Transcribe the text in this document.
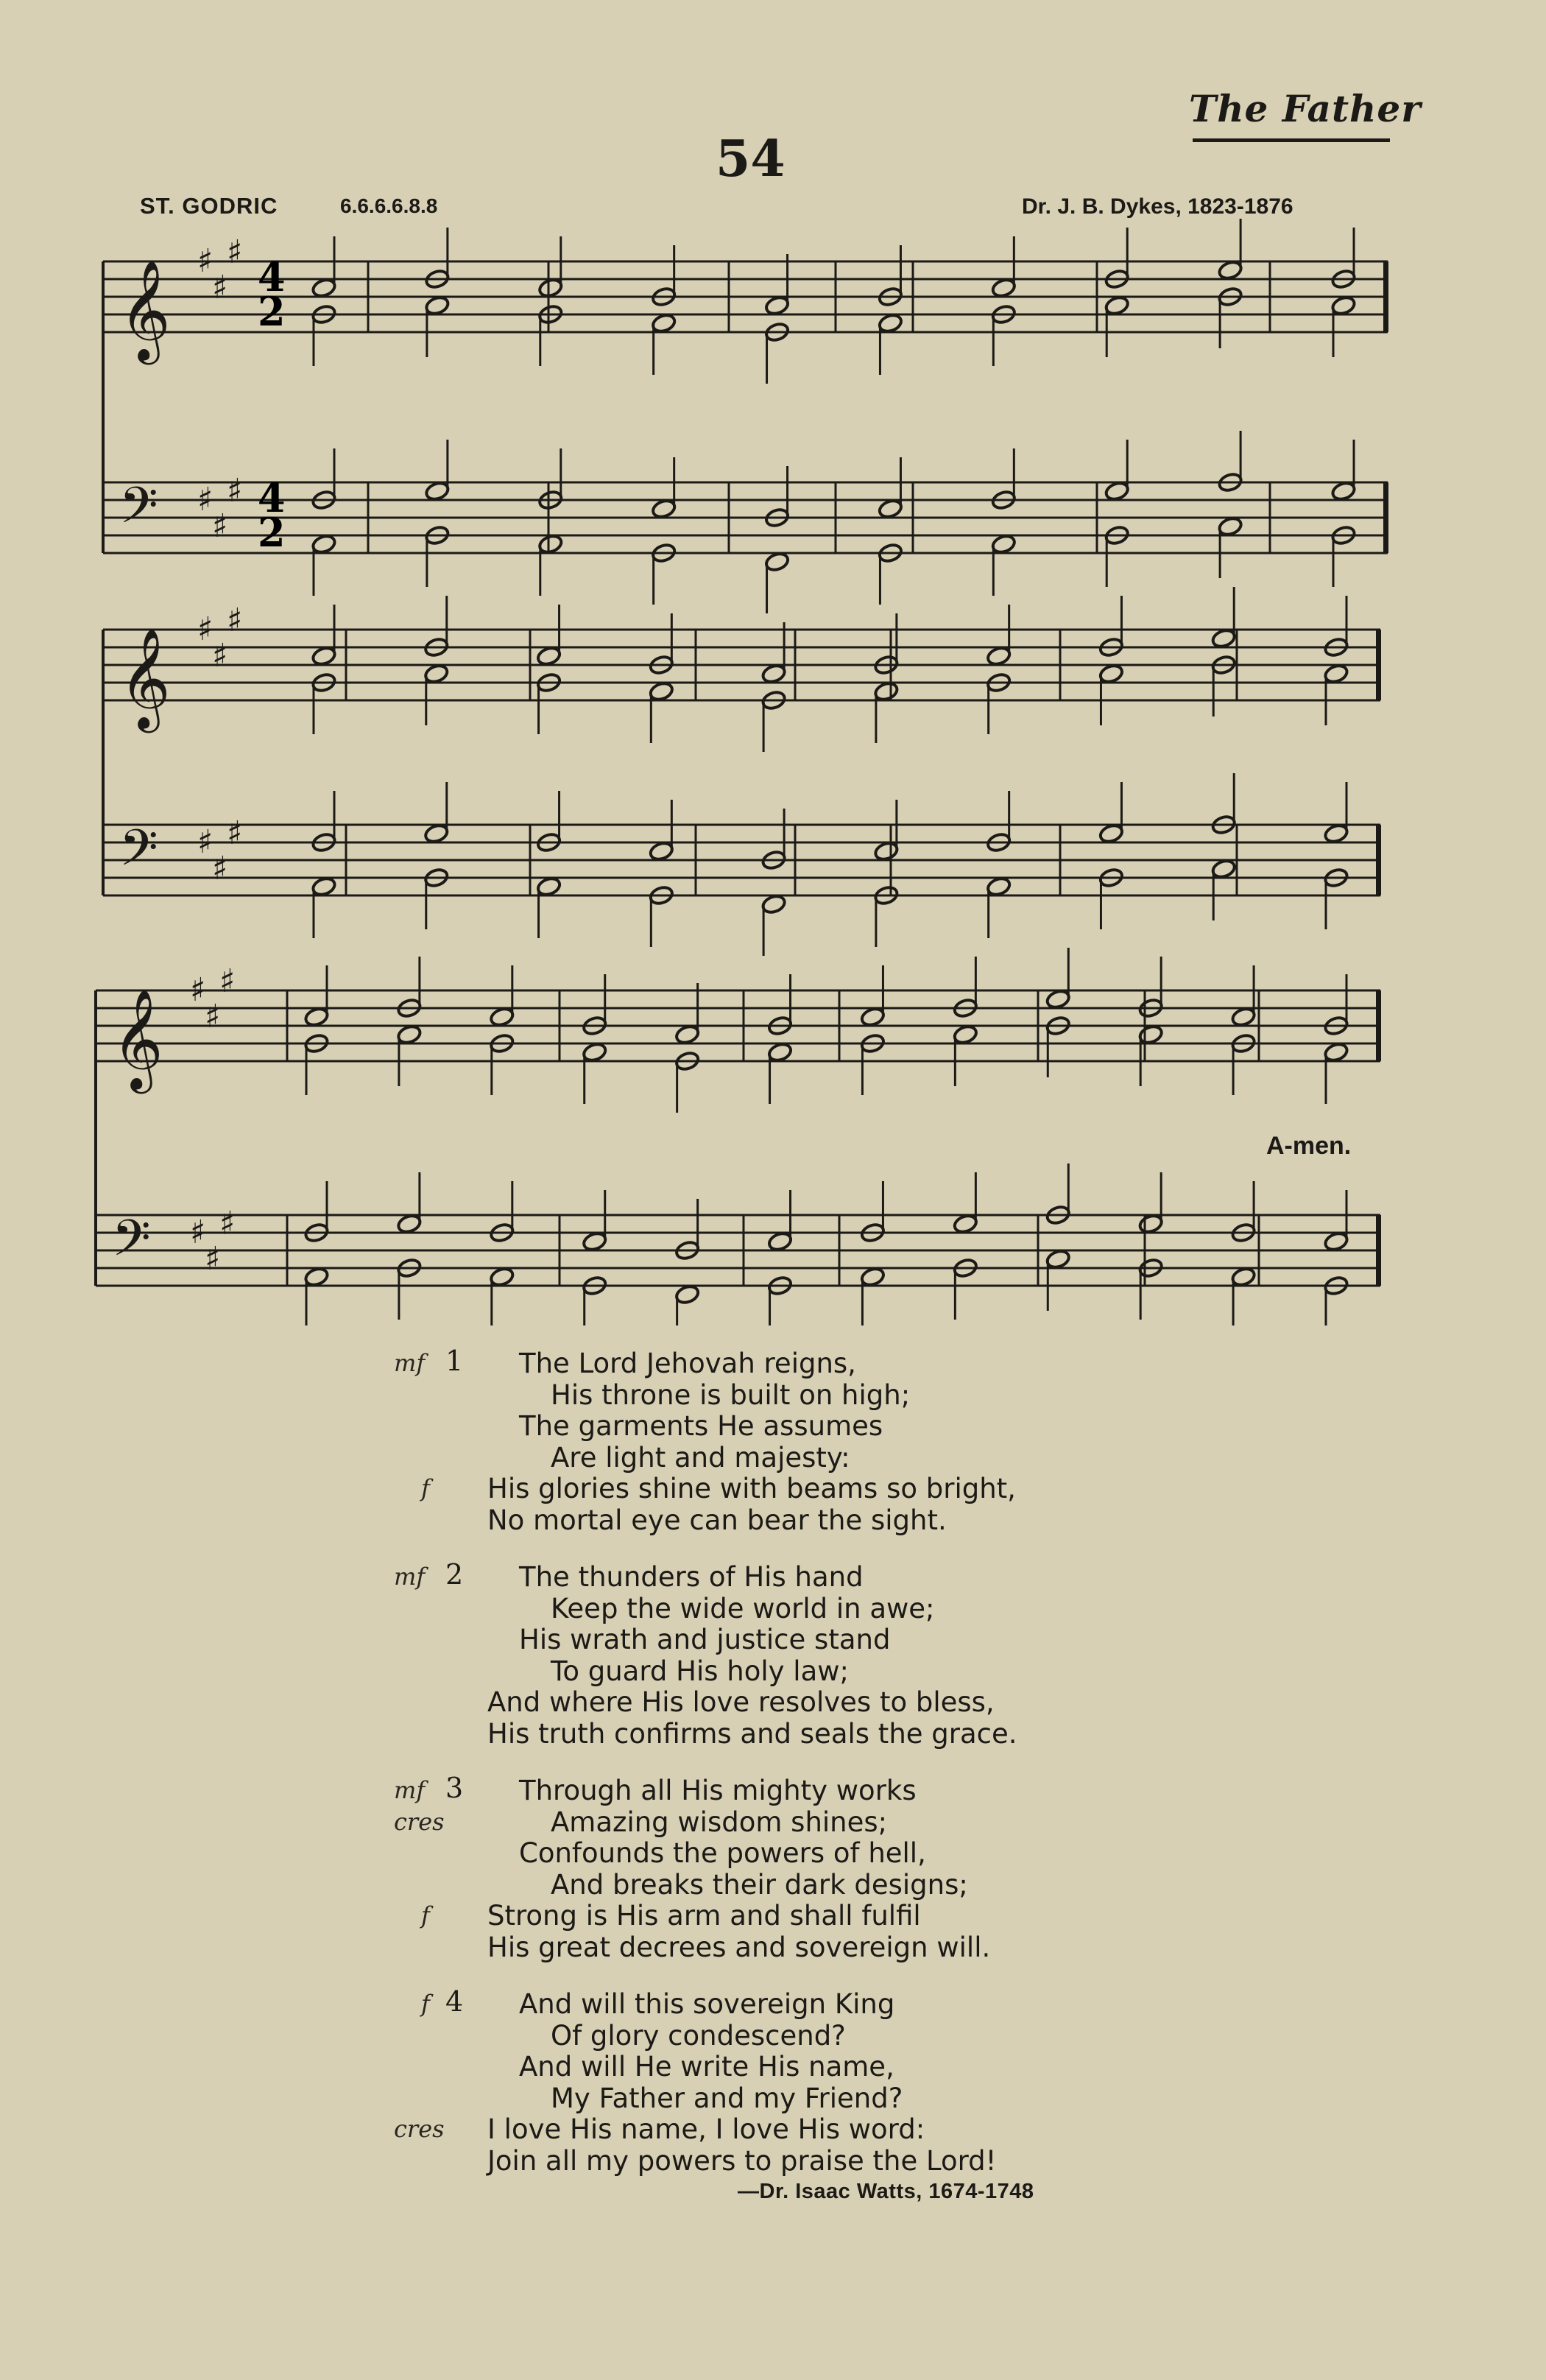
The Father
54
ST. GODRIC	6.6.6.6.8.8	Dr. J. B. Dykes, 1823-1876
𝄞 ♯
♯
♯
𝄢 ♯
♯
♯
𝄞 ♯
♯
♯
𝄢 ♯
♯
♯
𝄞 ♯
♯
♯
𝄢 ♯
♯
♯
4
2
4
2
A-men.
1
mf	The Lord Jehovah reigns,
His throne is built on high;
The garments He assumes
Are light and majesty:
f His glories shine with beams so bright,
No mortal eye can bear the sight.
2
mf	The thunders of His hand
Keep the wide world in awe;
His wrath and justice stand
To guard His holy law;
And where His love resolves to bless,
His truth confirms and seals the grace.
3
mf	Through all His mighty works
cres	Amazing wisdom shines;
Confounds the powers of hell,
And breaks their dark designs;
f Strong is His arm and shall fulfil
His great decrees and sovereign will.
4
f	And will this sovereign King
Of glory condescend?
And will He write His name,
My Father and my Friend?
cres I love His name, I love His word:
Join all my powers to praise the Lord!
—Dr. Isaac Watts, 1674-1748
